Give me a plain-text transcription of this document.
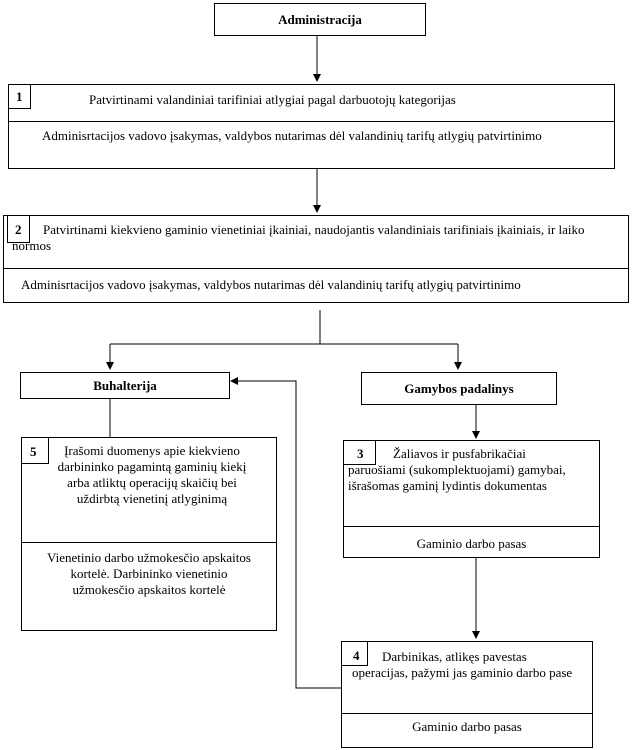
Administracija
1	Patvirtinami valandiniai tarifiniai atlygiai pagal darbuotojų kategorijas
Adminisrtacijos vadovo įsakymas, valdybos nutarimas dėl valandinių tarifų atlygių patvirtinimo
2	Patvirtinami kiekvieno gaminio vienetiniai įkainiai, naudojantis valandiniais tarifiniais įkainiais, ir laiko normos
Adminisrtacijos vadovo įsakymas, valdybos nutarimas dėl valandinių tarifų atlygių patvirtinimo
Buhalterija	Gamybos padalinys
5	Įrašomi duomenys apie kiekvieno darbininko pagamintą gaminių kiekį arba atliktų operacijų skaičių bei uždirbtą vienetinį atlyginimą
Vienetinio darbo užmokesčio apskaitos kortelė. Darbininko vienetinio užmokesčio apskaitos kortelė
3	Žaliavos ir pusfabrikačiai paruošiami (sukomplektuojami) gamybai, išrašomas gaminį lydintis dokumentas
Gaminio darbo pasas
4	Darbinikas, atlikęs pavestas operacijas, pažymi jas gaminio darbo pase
Gaminio darbo pasas
